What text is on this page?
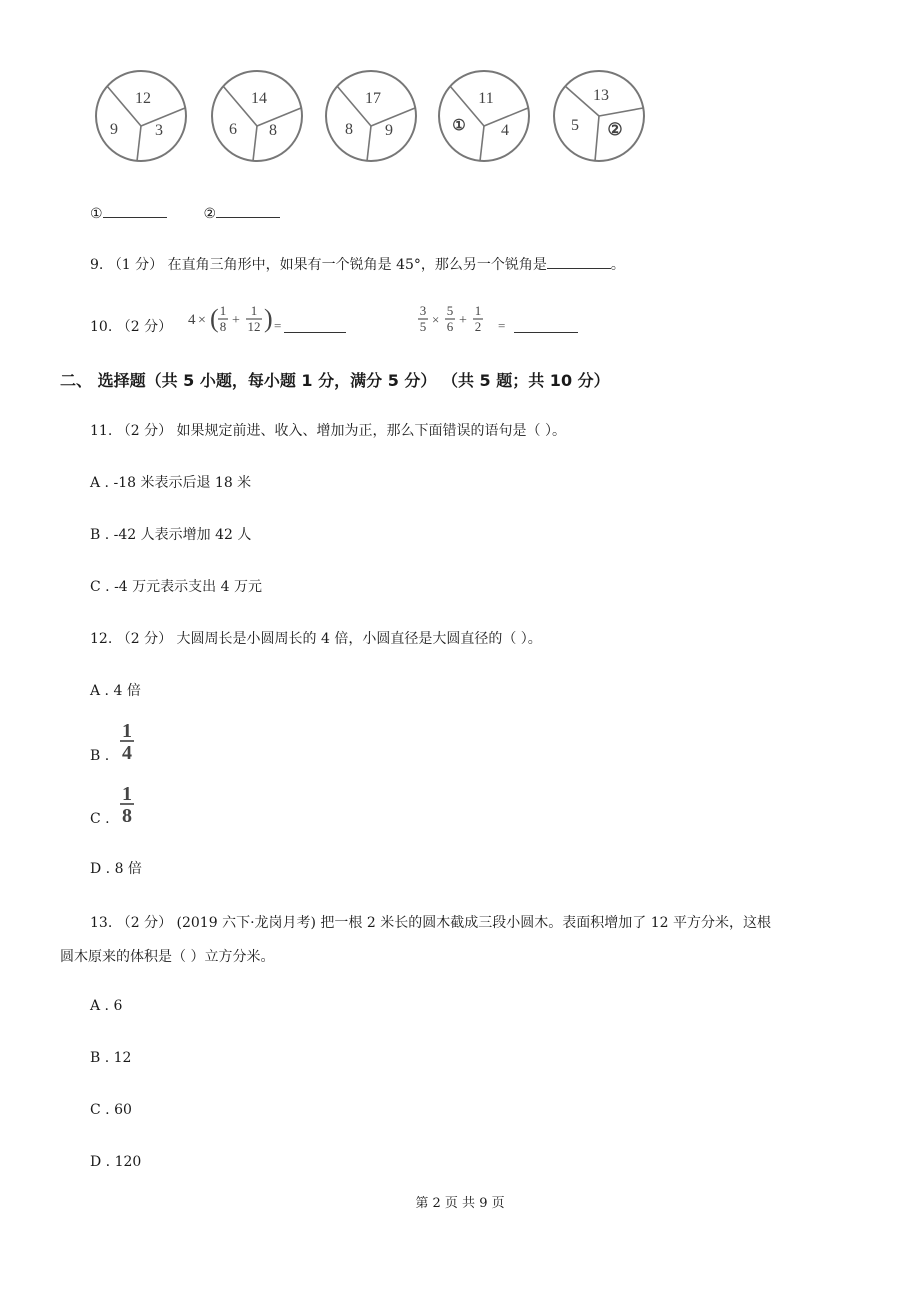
12
9 3
14
6 8
17
8 9
11
① 4
13
5 ②
①	②
9. （1 分） 在直角三角形中，如果有一个锐角是 45°，那么另一个锐角是	。
10. （2 分） 4 × ( 1
8 +
1
12 ) =
3
5 ×
5
6 +
1
2 =
二、 选择题（共 5 小题，每小题 1 分，满分 5 分） （共 5 题；共 10 分）
11. （2 分） 如果规定前进、收入、增加为正，那么下面错误的语句是（ ）。
A . -18 米表示后退 18 米
B . -42 人表示增加 42 人
C . -4 万元表示支出 4 万元
12. （2 分） 大圆周长是小圆周长的 4 倍，小圆直径是大圆直径的（ ）。
A . 4 倍
B .
1
4
C .
1
8
D . 8 倍
13. （2 分） (2019 六下·龙岗月考) 把一根 2 米长的圆木截成三段小圆木。表面积增加了 12 平方分米，这根
圆木原来的体积是（ ）立方分米。
A . 6
B . 12
C . 60
D . 120
第 2 页 共 9 页
